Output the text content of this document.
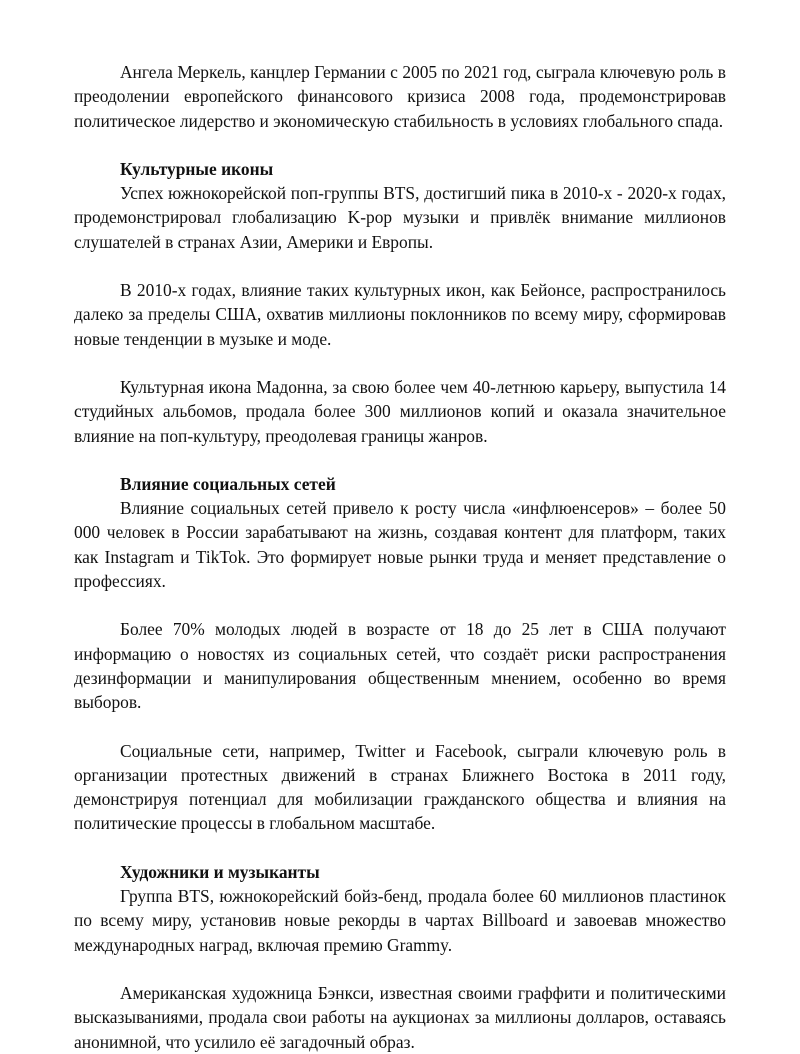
Ангела Меркель, канцлер Германии с 2005 по 2021 год, сыграла ключевую роль в преодолении европейского финансового кризиса 2008 года, продемонстрировав политическое лидерство и экономическую стабильность в условиях глобального спада.

Культурные иконы

Успех южнокорейской поп-группы BTS, достигший пика в 2010-х - 2020-х годах, продемонстрировал глобализацию K-pop музыки и привлёк внимание миллионов слушателей в странах Азии, Америки и Европы.

В 2010-х годах, влияние таких культурных икон, как Бейонсе, распространилось далеко за пределы США, охватив миллионы поклонников по всему миру, сформировав новые тенденции в музыке и моде.

Культурная икона Мадонна, за свою более чем 40-летнюю карьеру, выпустила 14 студийных альбомов, продала более 300 миллионов копий и оказала значительное влияние на поп-культуру, преодолевая границы жанров.

Влияние социальных сетей

Влияние социальных сетей привело к росту числа «инфлюенсеров» – более 50 000 человек в России зарабатывают на жизнь, создавая контент для платформ, таких как Instagram и TikTok. Это формирует новые рынки труда и меняет представление о профессиях.

Более 70% молодых людей в возрасте от 18 до 25 лет в США получают информацию о новостях из социальных сетей, что создаёт риски распространения дезинформации и манипулирования общественным мнением, особенно во время выборов.

Социальные сети, например, Twitter и Facebook, сыграли ключевую роль в организации протестных движений в странах Ближнего Востока в 2011 году, демонстрируя потенциал для мобилизации гражданского общества и влияния на политические процессы в глобальном масштабе.

Художники и музыканты

Группа BTS, южнокорейский бойз-бенд, продала более 60 миллионов пластинок по всему миру, установив новые рекорды в чартах Billboard и завоевав множество международных наград, включая премию Grammy.

Американская художница Бэнкси, известная своими граффити и политическими высказываниями, продала свои работы на аукционах за миллионы долларов, оставаясь анонимной, что усилило её загадочный образ.
